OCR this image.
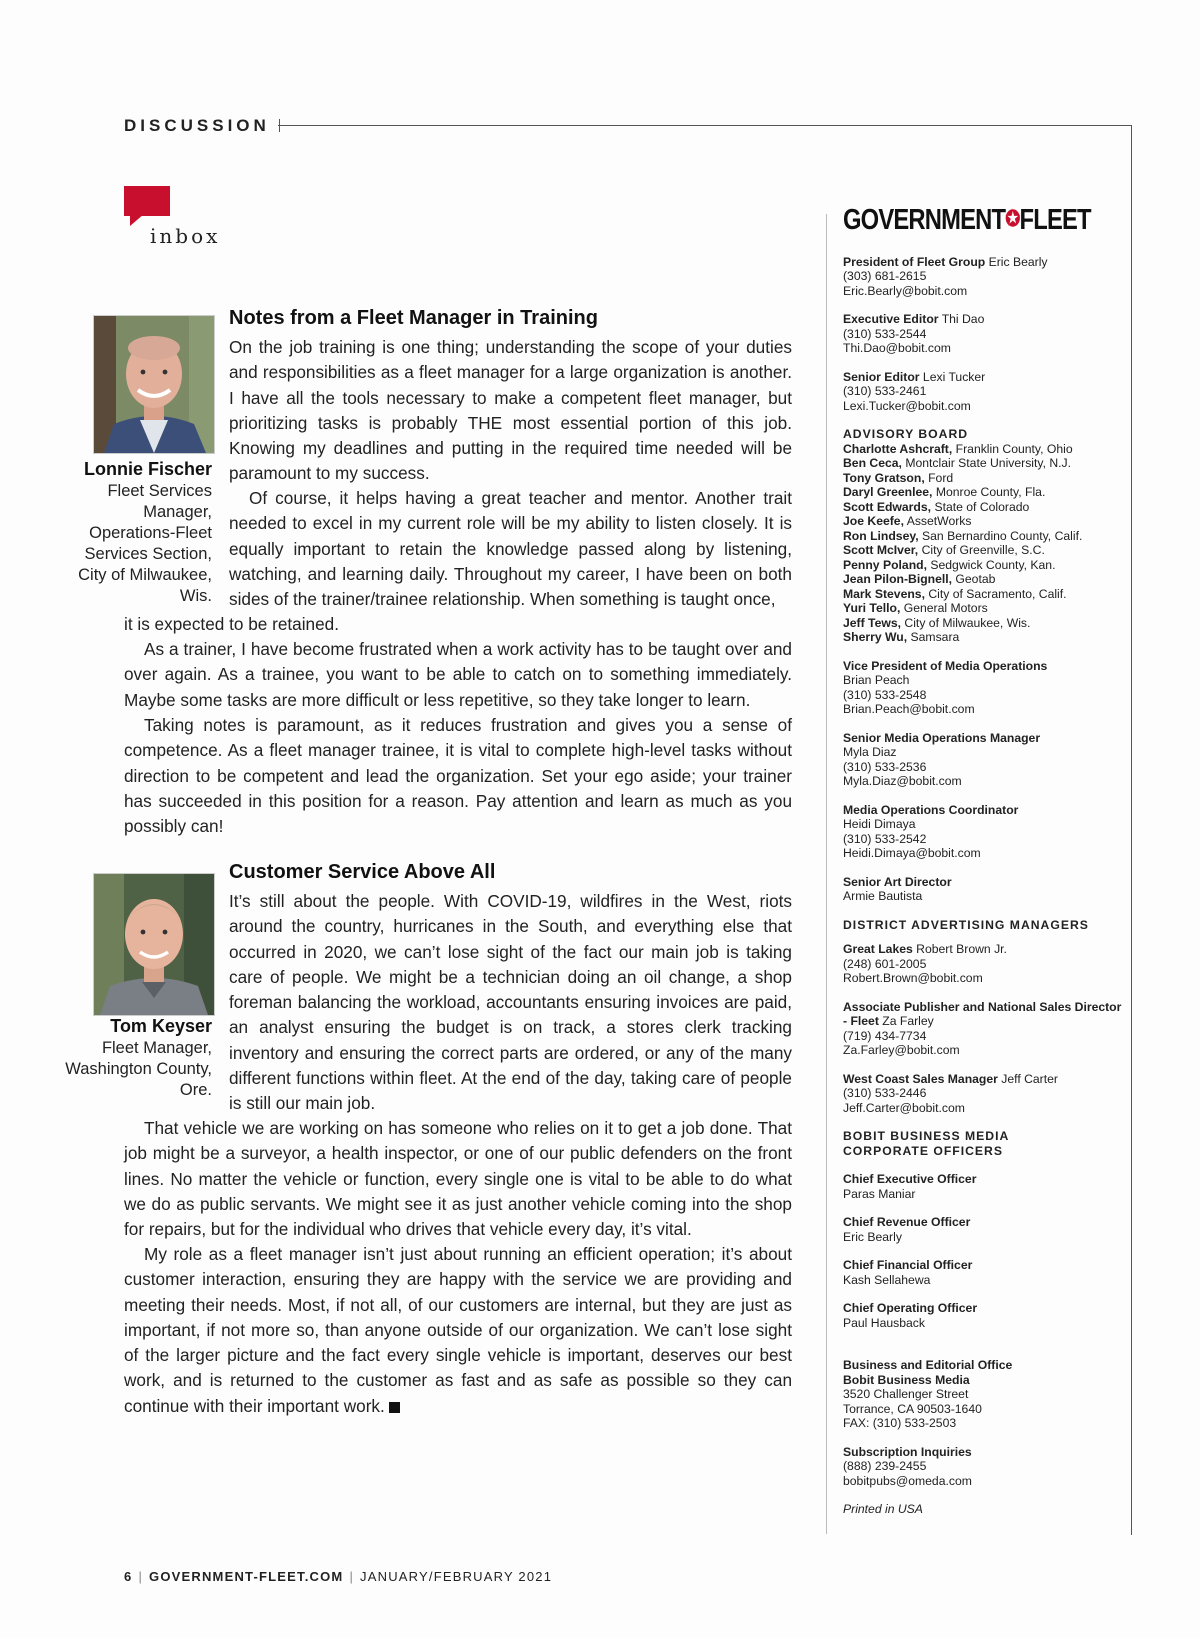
DISCUSSION
inbox
Lonnie Fischer
Fleet Services Manager, Operations-Fleet Services Section, City of Milwaukee, Wis.
Notes from a Fleet Manager in Training

On the job training is one thing; understanding the scope of your duties and responsibilities as a fleet manager for a large organization is another. I have all the tools necessary to make a competent fleet manager, but prioritizing tasks is probably THE most essential portion of this job. Knowing my deadlines and putting in the required time needed will be paramount to my success.

Of course, it helps having a great teacher and mentor. Another trait needed to excel in my current role will be my ability to listen closely. It is equally important to retain the knowledge passed along by listening, watching, and learning daily. Throughout my career, I have been on both sides of the trainer/trainee relationship. When something is taught once,

it is expected to be retained.

As a trainer, I have become frustrated when a work activity has to be taught over and over again. As a trainee, you want to be able to catch on to something immediately. Maybe some tasks are more difficult or less repetitive, so they take longer to learn.

Taking notes is paramount, as it reduces frustration and gives you a sense of competence. As a fleet manager trainee, it is vital to complete high-level tasks without direction to be competent and lead the organization. Set your ego aside; your trainer has succeeded in this position for a reason. Pay attention and learn as much as you possibly can!

Tom Keyser
Fleet Manager, Washington County, Ore.
Customer Service Above All

It’s still about the people. With COVID-19, wildfires in the West, riots around the country, hurricanes in the South, and everything else that occurred in 2020, we can’t lose sight of the fact our main job is taking care of people. We might be a technician doing an oil change, a shop foreman balancing the workload, accountants ensuring invoices are paid, an analyst ensuring the budget is on track, a stores clerk tracking inventory and ensuring the correct parts are ordered, or any of the many different functions within fleet. At the end of the day, taking care of people is still our main job.

That vehicle we are working on has someone who relies on it to get a job done. That job might be a surveyor, a health inspector, or one of our public defenders on the front lines. No matter the vehicle or function, every single one is vital to be able to do what we do as public servants. We might see it as just another vehicle coming into the shop for repairs, but for the individual who drives that vehicle every day, it’s vital.

My role as a fleet manager isn’t just about running an efficient operation; it’s about customer interaction, ensuring they are happy with the service we are providing and meeting their needs. Most, if not all, of our customers are internal, but they are just as important, if not more so, than anyone outside of our organization. We can’t lose sight of the larger picture and the fact every single vehicle is important, deserves our best work, and is returned to the customer as fast and as safe as possible so they can continue with their important work.

GOVERNMENT✪FLEET
President of Fleet Group Eric Bearly
(303) 681-2615
Eric.Bearly@bobit.com
Executive Editor Thi Dao
(310) 533-2544
Thi.Dao@bobit.com
Senior Editor Lexi Tucker
(310) 533-2461
Lexi.Tucker@bobit.com
ADVISORY BOARD
Charlotte Ashcraft, Franklin County, Ohio
Ben Ceca, Montclair State University, N.J.
Tony Gratson, Ford
Daryl Greenlee, Monroe County, Fla.
Scott Edwards, State of Colorado
Joe Keefe, AssetWorks
Ron Lindsey, San Bernardino County, Calif.
Scott McIver, City of Greenville, S.C.
Penny Poland, Sedgwick County, Kan.
Jean Pilon-Bignell, Geotab
Mark Stevens, City of Sacramento, Calif.
Yuri Tello, General Motors
Jeff Tews, City of Milwaukee, Wis.
Sherry Wu, Samsara
Vice President of Media Operations
Brian Peach
(310) 533-2548
Brian.Peach@bobit.com
Senior Media Operations Manager
Myla Diaz
(310) 533-2536
Myla.Diaz@bobit.com
Media Operations Coordinator
Heidi Dimaya
(310) 533-2542
Heidi.Dimaya@bobit.com
Senior Art Director
Armie Bautista
DISTRICT ADVERTISING MANAGERS
Great Lakes Robert Brown Jr.
(248) 601-2005
Robert.Brown@bobit.com
Associate Publisher and National Sales Director - Fleet Za Farley
(719) 434-7734
Za.Farley@bobit.com
West Coast Sales Manager Jeff Carter
(310) 533-2446
Jeff.Carter@bobit.com
BOBIT BUSINESS MEDIA
CORPORATE OFFICERS
Chief Executive Officer
Paras Maniar
Chief Revenue Officer
Eric Bearly
Chief Financial Officer
Kash Sellahewa
Chief Operating Officer
Paul Hausback
Business and Editorial Office
Bobit Business Media
3520 Challenger Street
Torrance, CA 90503-1640
FAX: (310) 533-2503
Subscription Inquiries
(888) 239-2455
bobitpubs@omeda.com
Printed in USA
6 | GOVERNMENT-FLEET.COM | JANUARY/FEBRUARY 2021
